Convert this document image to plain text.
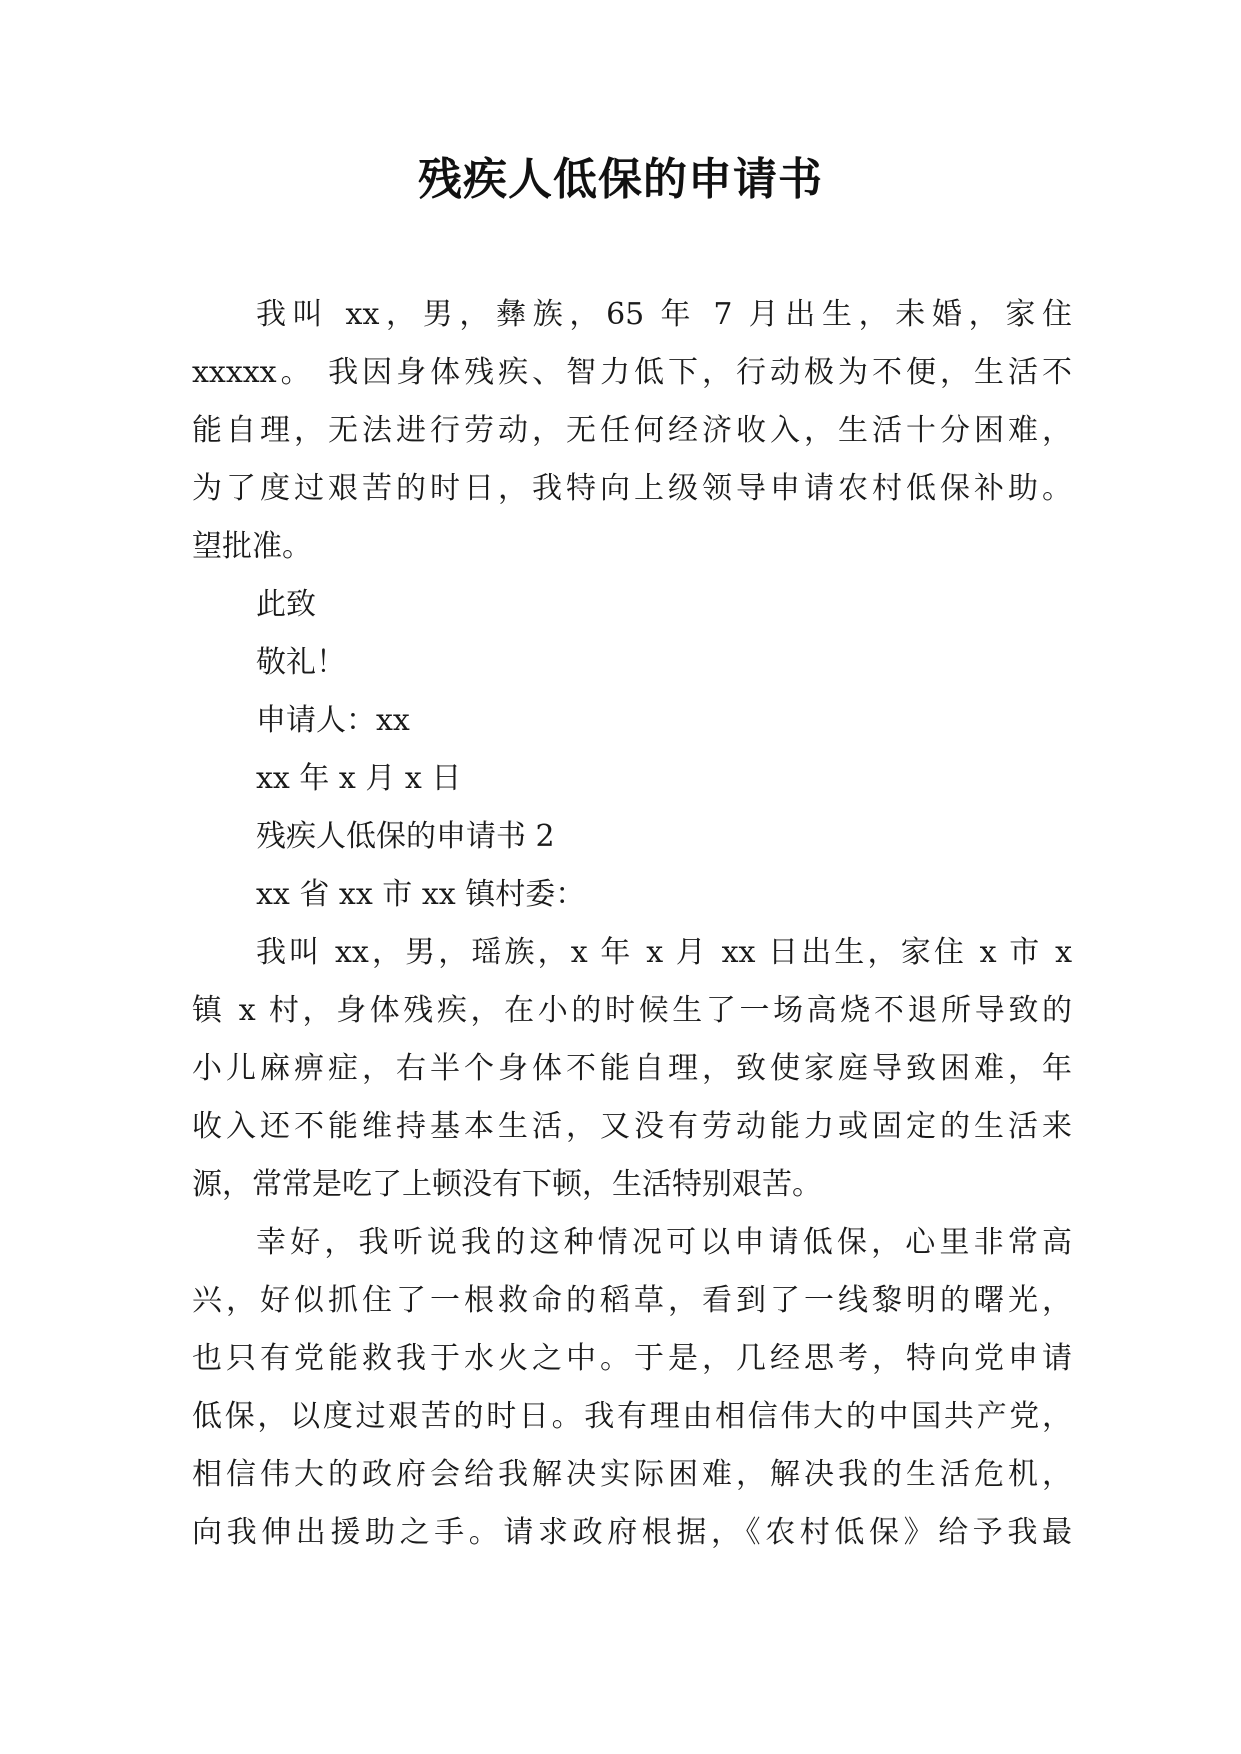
残疾人低保的申请书
我叫 xx，男，彝族，65 年 7 月出生，未婚，家住
xxxxx。 我因身体残疾、智力低下，行动极为不便，生活不
能自理，无法进行劳动，无任何经济收入，生活十分困难，
为了度过艰苦的时日，我特向上级领导申请农村低保补助。
望批准。
此致
敬礼！
申请人：xx
xx 年 x 月 x 日
残疾人低保的申请书 2
xx 省 xx 市 xx 镇村委：
我叫 xx，男，瑶族，x 年 x 月 xx 日出生，家住 x 市 x
镇 x 村，身体残疾，在小的时候生了一场高烧不退所导致的
小儿麻痹症，右半个身体不能自理，致使家庭导致困难，年
收入还不能维持基本生活，又没有劳动能力或固定的生活来
源，常常是吃了上顿没有下顿，生活特别艰苦。
幸好，我听说我的这种情况可以申请低保，心里非常高
兴，好似抓住了一根救命的稻草，看到了一线黎明的曙光，
也只有党能救我于水火之中。于是，几经思考，特向党申请
低保，以度过艰苦的时日。我有理由相信伟大的中国共产党，
相信伟大的政府会给我解决实际困难，解决我的生活危机，
向我伸出援助之手。请求政府根据，《农村低保》给予我最
